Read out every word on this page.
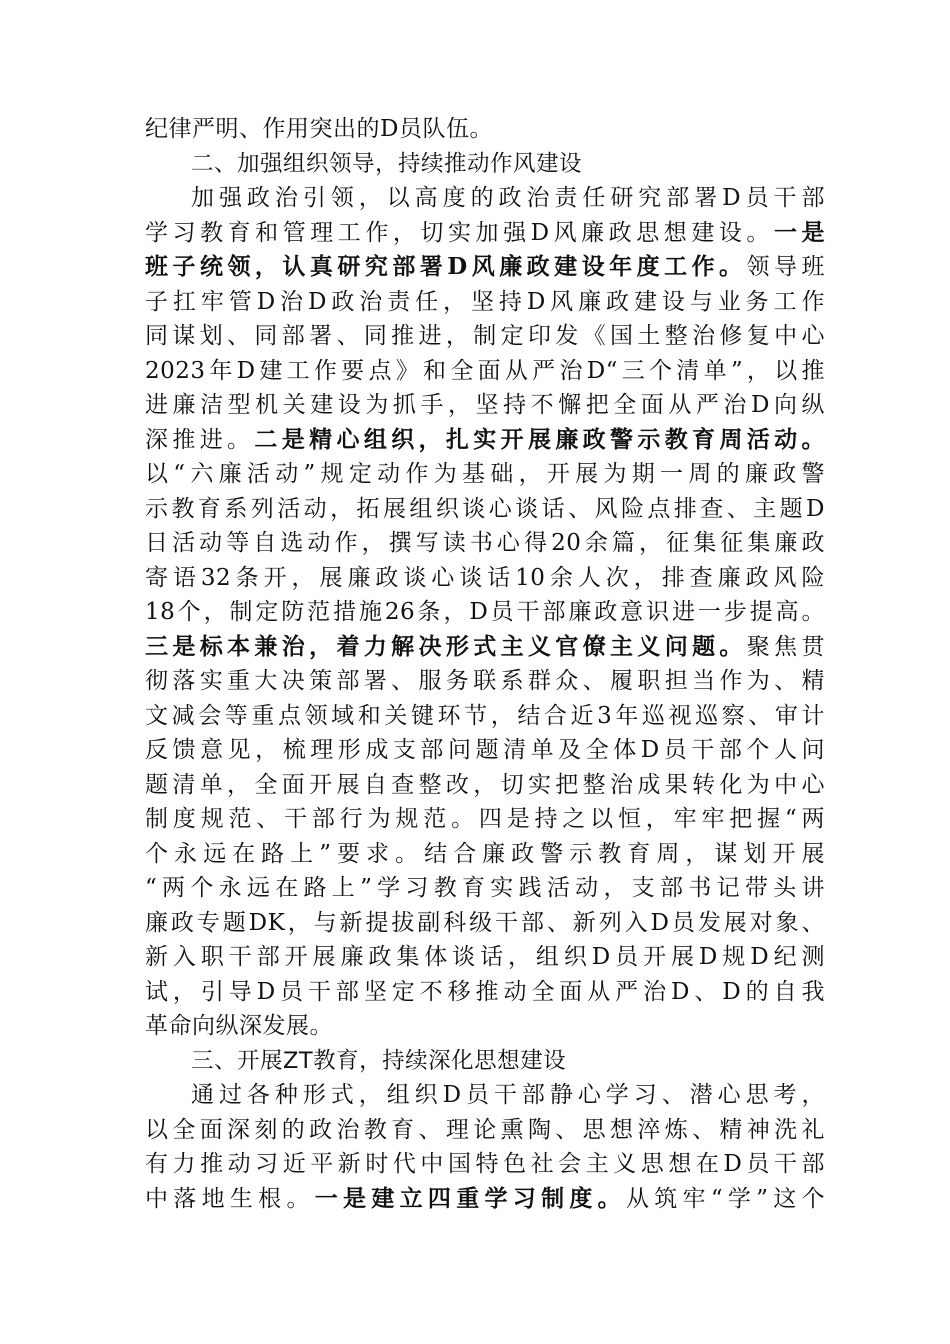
纪律严明、作用突出的D员队伍。
二、加强组织领导，持续推动作风建设
加强政治引领，以高度的政治责任研究部署D员干部
学习教育和管理工作，切实加强D风廉政思想建设。一是
班子统领，认真研究部署D风廉政建设年度工作。领导班
子扛牢管D治D政治责任，坚持D风廉政建设与业务工作
同谋划、同部署、同推进，制定印发《国土整治修复中心
2023年D建工作要点》和全面从严治D“三个清单”，以推
进廉洁型机关建设为抓手，坚持不懈把全面从严治D向纵
深推进。二是精心组织，扎实开展廉政警示教育周活动。
以“六廉活动”规定动作为基础，开展为期一周的廉政警
示教育系列活动，拓展组织谈心谈话、风险点排查、主题D
日活动等自选动作，撰写读书心得20余篇，征集征集廉政
寄语32条开，展廉政谈心谈话10余人次，排查廉政风险
18个，制定防范措施26条，D员干部廉政意识进一步提高。
三是标本兼治，着力解决形式主义官僚主义问题。聚焦贯
彻落实重大决策部署、服务联系群众、履职担当作为、精
文减会等重点领域和关键环节，结合近3年巡视巡察、审计
反馈意见，梳理形成支部问题清单及全体D员干部个人问
题清单，全面开展自查整改，切实把整治成果转化为中心
制度规范、干部行为规范。四是持之以恒，牢牢把握“两
个永远在路上”要求。结合廉政警示教育周，谋划开展
“两个永远在路上”学习教育实践活动，支部书记带头讲
廉政专题DK，与新提拔副科级干部、新列入D员发展对象、
新入职干部开展廉政集体谈话，组织D员开展D规D纪测
试，引导D员干部坚定不移推动全面从严治D、D的自我
革命向纵深发展。
三、开展ZT教育，持续深化思想建设
通过各种形式，组织D员干部静心学习、潜心思考，
以全面深刻的政治教育、理论熏陶、思想淬炼、精神洗礼
有力推动习近平新时代中国特色社会主义思想在D员干部
中落地生根。一是建立四重学习制度。从筑牢“学”这个
